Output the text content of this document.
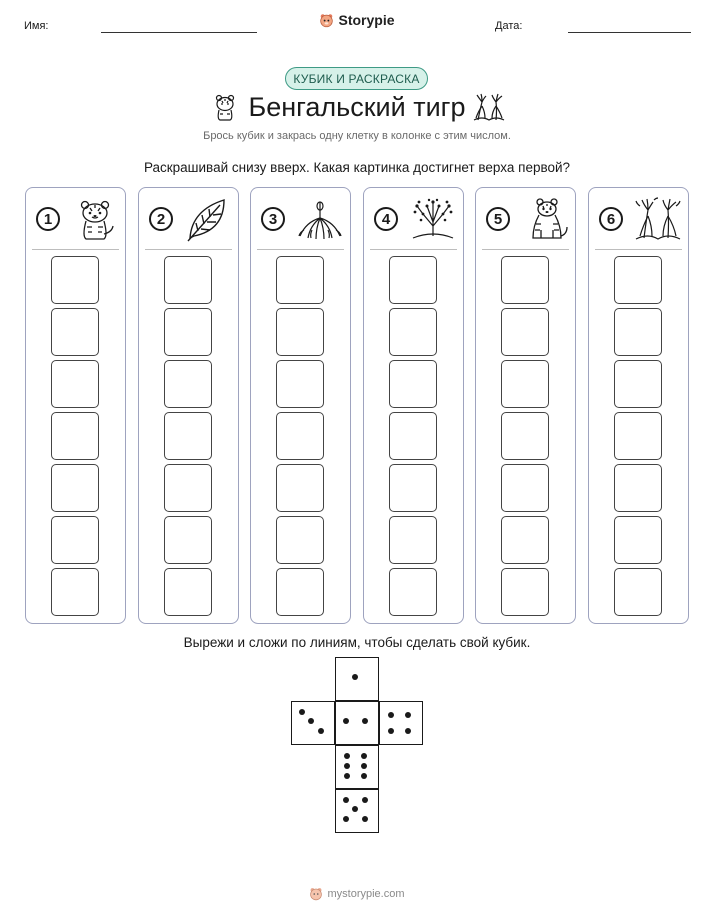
Имя:	Storypie	Дата:
КУБИК И РАСКРАСКА
Бенгальский тигр
Брось кубик и закрась одну клетку в колонке с этим числом.
Раскрашивай снизу вверх. Какая картинка достигнет верха первой?
1	2	3	4	5	6
Вырежи и сложи по линиям, чтобы сделать свой кубик.
mystorypie.com
